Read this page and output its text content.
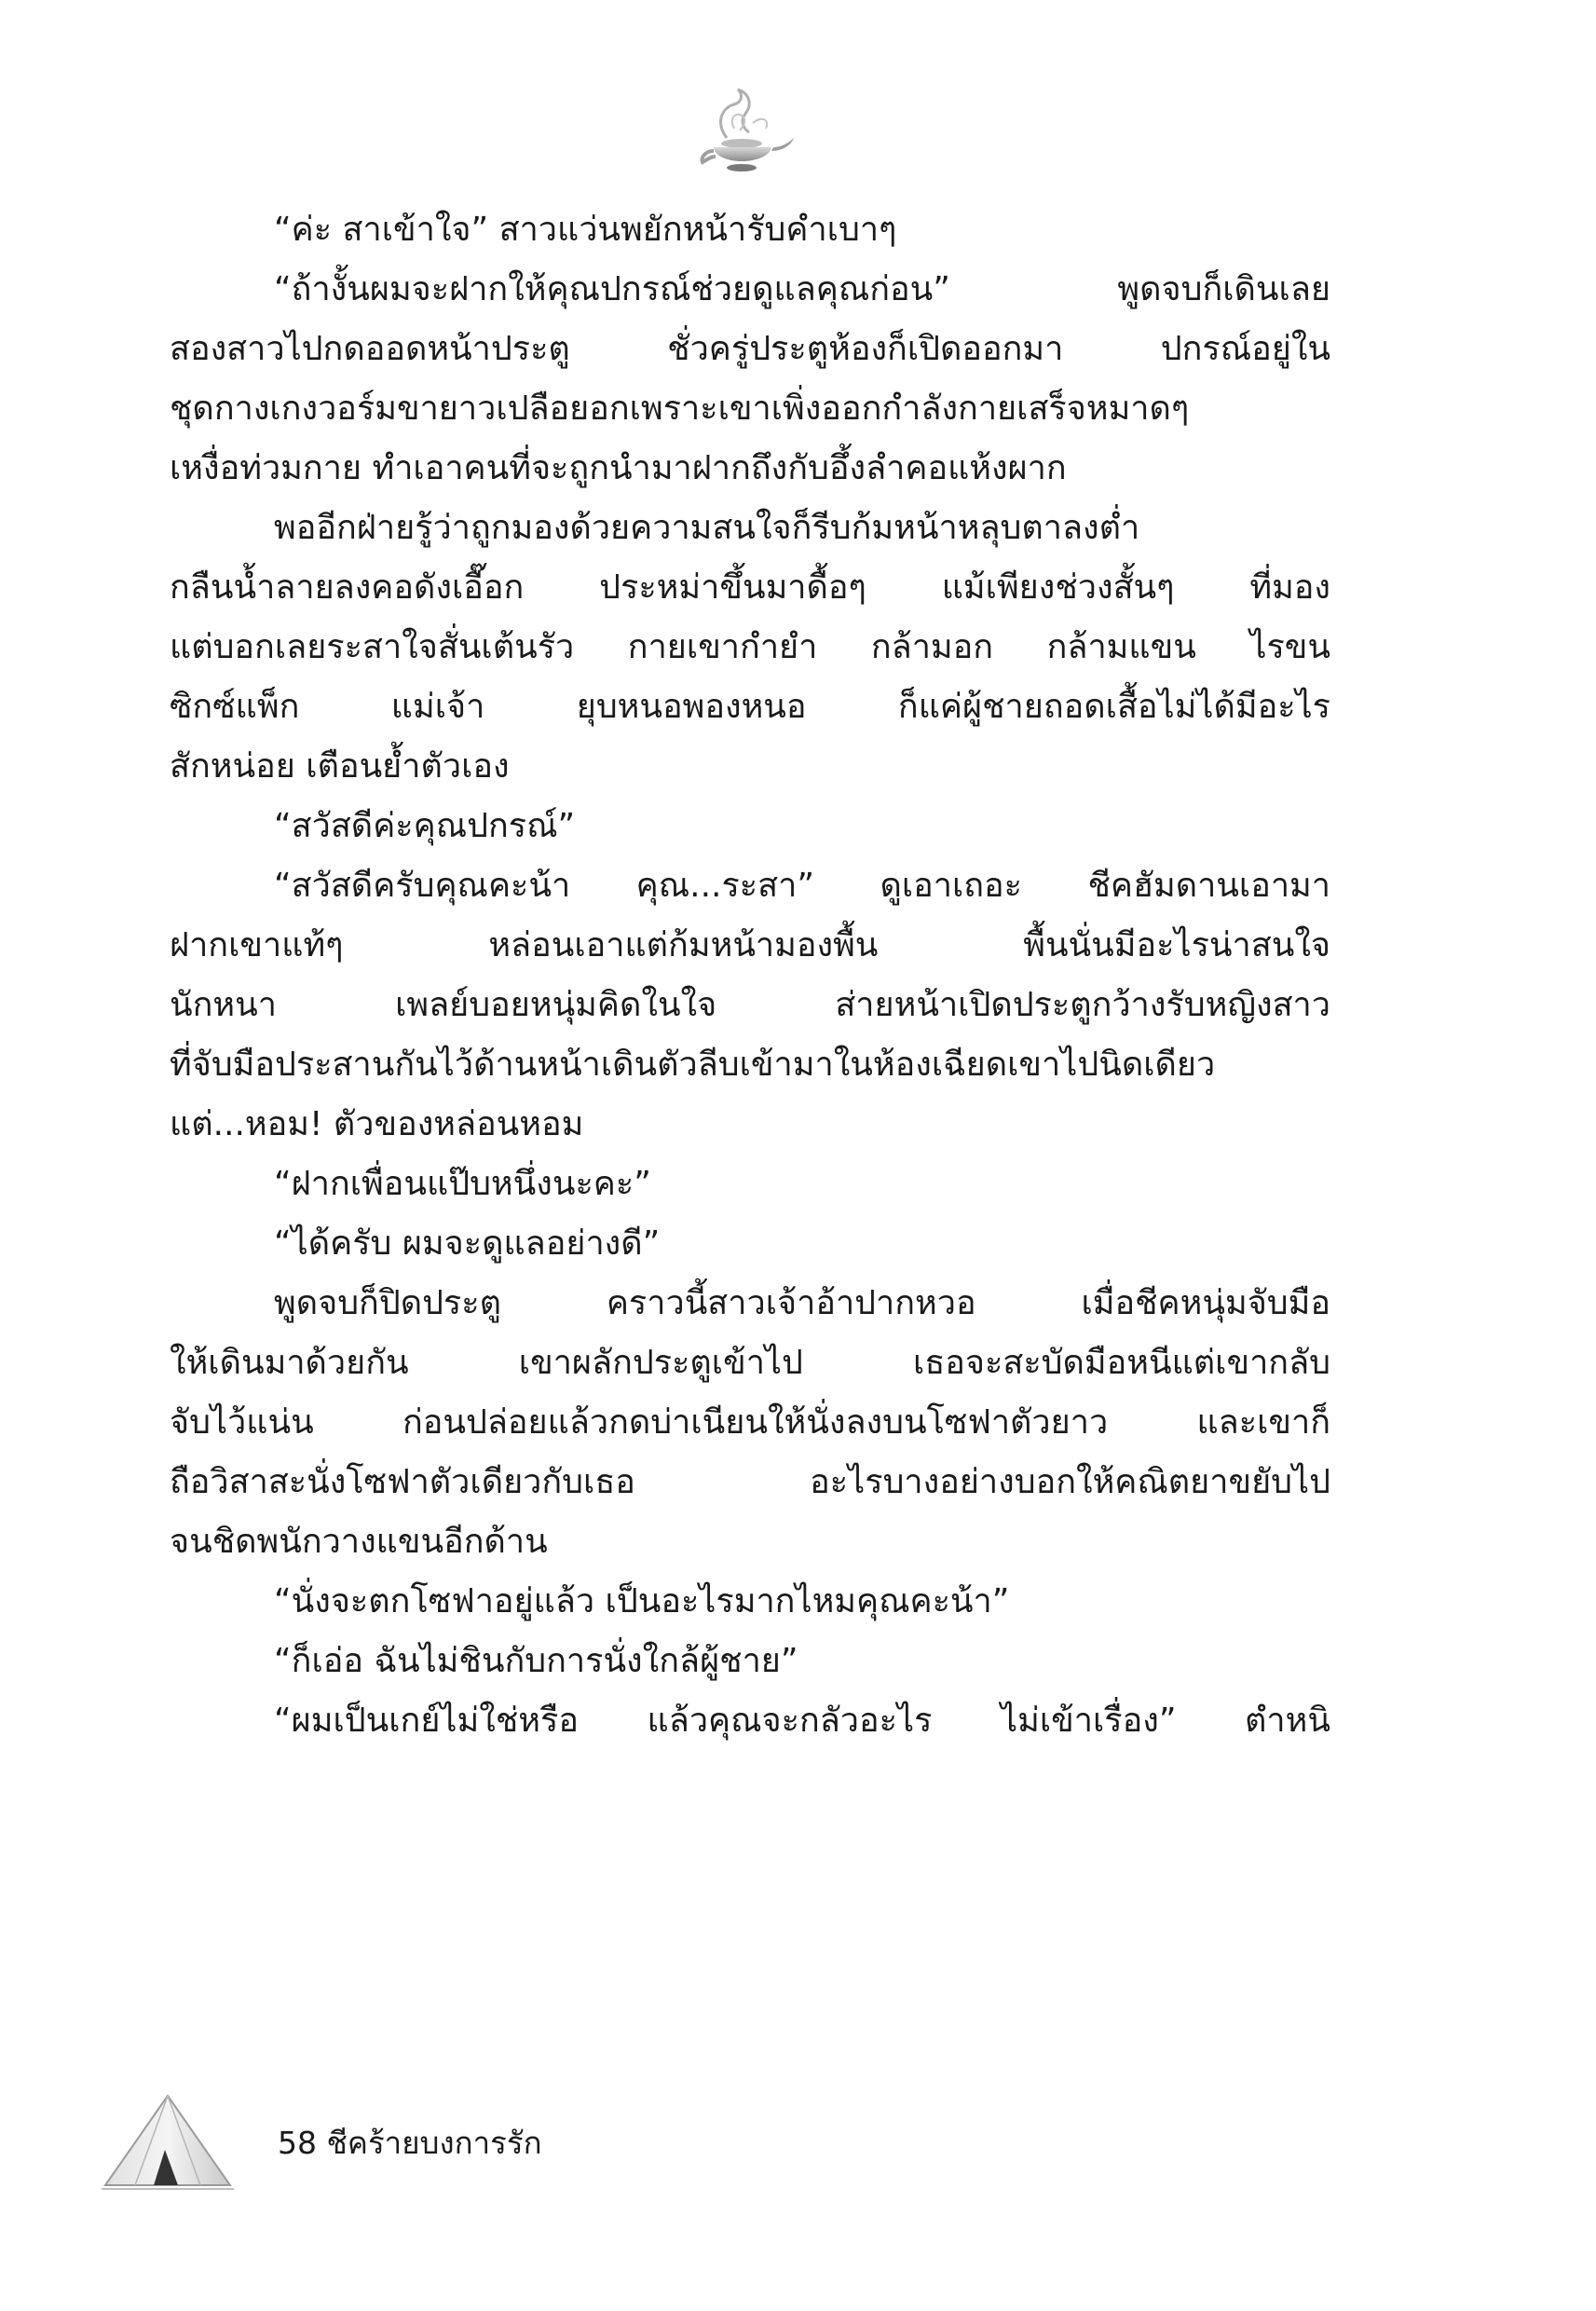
“ค่ะ สาเข้าใจ” สาวแว่นพยักหน้ารับคำเบาๆ
“ถ้างั้นผมจะฝากให้คุณปกรณ์ช่วยดูแลคุณก่อน” พูดจบก็เดินเลย
สองสาวไปกดออดหน้าประตู ชั่วครู่ประตูห้องก็เปิดออกมา ปกรณ์อยู่ใน
ชุดกางเกงวอร์มขายาวเปลือยอกเพราะเขาเพิ่งออกกำลังกายเสร็จหมาดๆ
เหงื่อท่วมกาย ทำเอาคนที่จะถูกนำมาฝากถึงกับอึ้งลำคอแห้งผาก
พออีกฝ่ายรู้ว่าถูกมองด้วยความสนใจก็รีบก้มหน้าหลุบตาลงต่ำ
กลืนน้ำลายลงคอดังเอื๊อก ประหม่าขึ้นมาดื้อๆ แม้เพียงช่วงสั้นๆ ที่มอง
แต่บอกเลยระสาใจสั่นเต้นรัว กายเขากำยำ กล้ามอก กล้ามแขน ไรขน
ซิกซ์แพ็ก แม่เจ้า ยุบหนอพองหนอ ก็แค่ผู้ชายถอดเสื้อไม่ได้มีอะไร
สักหน่อย เตือนย้ำตัวเอง
“สวัสดีค่ะคุณปกรณ์”
“สวัสดีครับคุณคะน้า คุณ...ระสา” ดูเอาเถอะ ชีคฮัมดานเอามา
ฝากเขาแท้ๆ หล่อนเอาแต่ก้มหน้ามองพื้น พื้นนั่นมีอะไรน่าสนใจ
นักหนา เพลย์บอยหนุ่มคิดในใจ ส่ายหน้าเปิดประตูกว้างรับหญิงสาว
ที่จับมือประสานกันไว้ด้านหน้าเดินตัวลีบเข้ามาในห้องเฉียดเขาไปนิดเดียว
แต่...หอม! ตัวของหล่อนหอม
“ฝากเพื่อนแป๊บหนึ่งนะคะ”
“ได้ครับ ผมจะดูแลอย่างดี”
พูดจบก็ปิดประตู คราวนี้สาวเจ้าอ้าปากหวอ เมื่อชีคหนุ่มจับมือ
ให้เดินมาด้วยกัน เขาผลักประตูเข้าไป เธอจะสะบัดมือหนีแต่เขากลับ
จับไว้แน่น ก่อนปล่อยแล้วกดบ่าเนียนให้นั่งลงบนโซฟาตัวยาว และเขาก็
ถือวิสาสะนั่งโซฟาตัวเดียวกับเธอ อะไรบางอย่างบอกให้คณิตยาขยับไป
จนชิดพนักวางแขนอีกด้าน
“นั่งจะตกโซฟาอยู่แล้ว เป็นอะไรมากไหมคุณคะน้า”
“ก็เอ่อ ฉันไม่ชินกับการนั่งใกล้ผู้ชาย”
“ผมเป็นเกย์ไม่ใช่หรือ แล้วคุณจะกลัวอะไร ไม่เข้าเรื่อง” ตำหนิ
58 ชีคร้ายบงการรัก
